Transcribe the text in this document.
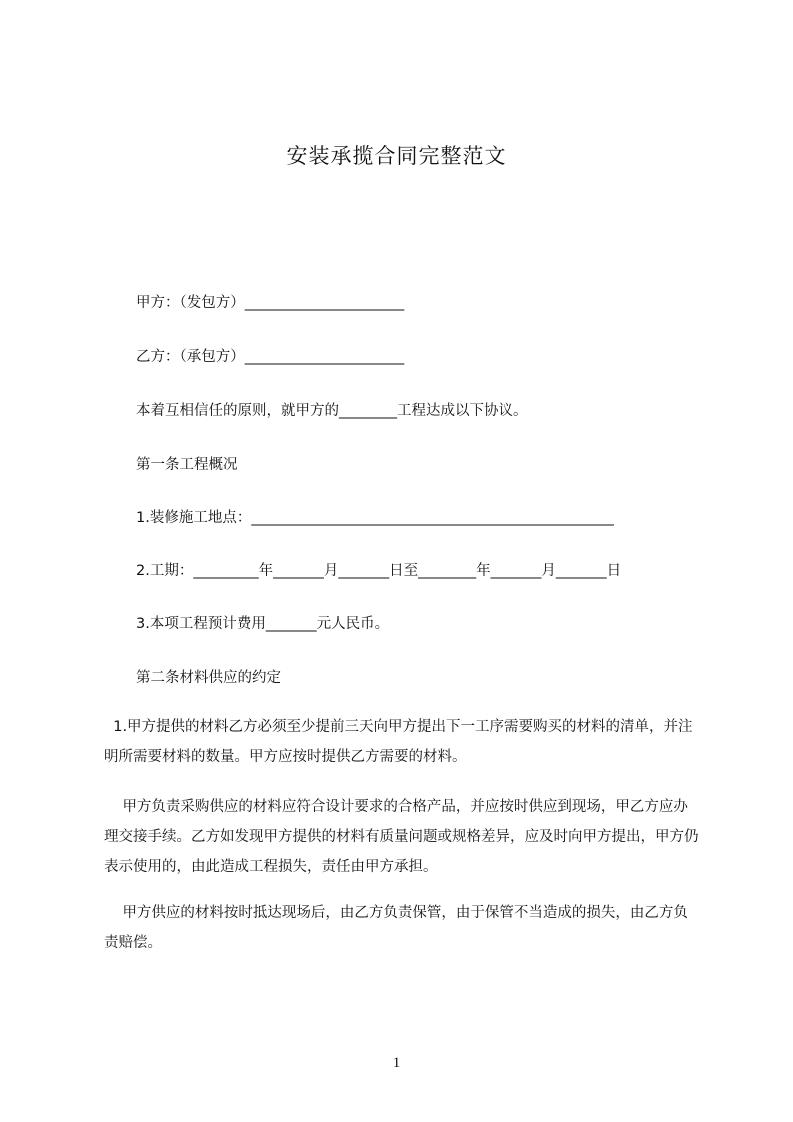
安装承揽合同完整范文
甲方：（发包方）______________________
乙方：（承包方）______________________
本着互相信任的原则，就甲方的________工程达成以下协议。
第一条工程概况
1.装修施工地点：__________________________________________________
2.工期：_________年_______月_______日至________年_______月_______日
3.本项工程预计费用_______元人民币。
第二条材料供应的约定
1.甲方提供的材料乙方必须至少提前三天向甲方提出下一工序需要购买的材料的清单，并注明所需要材料的数量。甲方应按时提供乙方需要的材料。
甲方负责采购供应的材料应符合设计要求的合格产品，并应按时供应到现场，甲乙方应办理交接手续。乙方如发现甲方提供的材料有质量问题或规格差异，应及时向甲方提出，甲方仍表示使用的，由此造成工程损失，责任由甲方承担。
甲方供应的材料按时抵达现场后，由乙方负责保管，由于保管不当造成的损失，由乙方负责赔偿。
1
